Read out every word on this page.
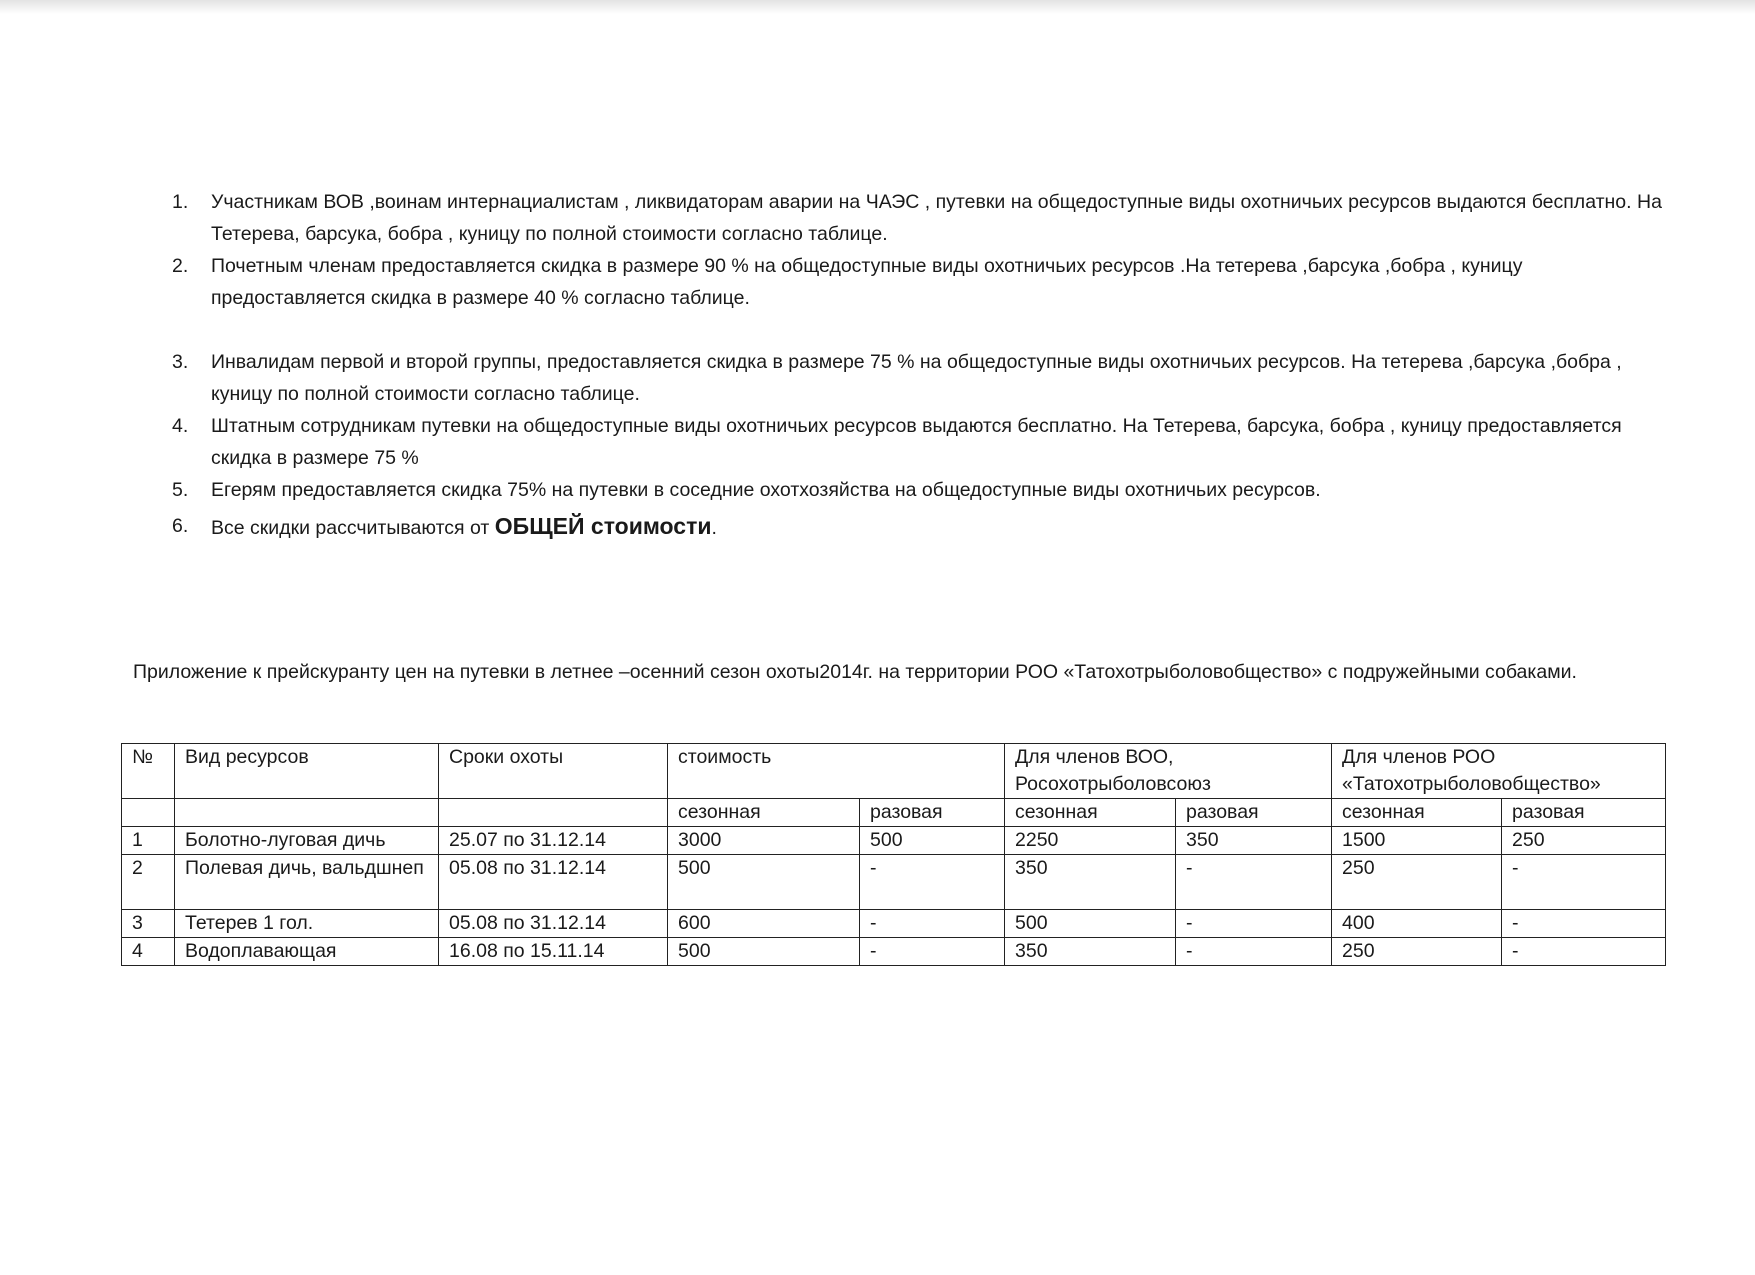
1. Участникам ВОВ ,воинам интернациалистам , ликвидаторам аварии на ЧАЭС , путевки на общедоступные виды охотничьих ресурсов выдаются бесплатно. На Тетерева, барсука, бобра , куницу по полной стоимости согласно таблице.
2. Почетным членам предоставляется скидка в размере 90 % на общедоступные виды охотничьих ресурсов .На тетерева ,барсука ,бобра , куницу предоставляется скидка в размере 40 % согласно таблице.
3. Инвалидам первой и второй группы, предоставляется скидка в размере 75 % на общедоступные виды охотничьих ресурсов. На тетерева ,барсука ,бобра , куницу по полной стоимости согласно таблице.
4. Штатным сотрудникам путевки на общедоступные виды охотничьих ресурсов выдаются бесплатно. На Тетерева, барсука, бобра , куницу предоставляется скидка в размере 75 %
5. Егерям предоставляется скидка 75% на путевки в соседние охотхозяйства на общедоступные виды охотничьих ресурсов.
6. Все скидки рассчитываются от ОБЩЕЙ стоимости.

Приложение к прейскуранту цен на путевки в летнее –осенний сезон охоты2014г. на территории РОО «Татохотрыболовобщество» с подружейными собаками.

№	Вид ресурсов	Сроки охоты	стоимость		Для членов ВОО, Росохотрыболовсоюз		Для членов РОО «Татохотрыболовобщество»	
			сезонная	разовая	сезонная	разовая	сезонная	разовая
1	Болотно-луговая дичь	25.07 по 31.12.14	3000	500	2250	350	1500	250
2	Полевая дичь, вальдшнеп	05.08 по 31.12.14	500	-	350	-	250	-
3	Тетерев 1 гол.	05.08 по 31.12.14	600	-	500	-	400	-
4	Водоплавающая	16.08 по 15.11.14	500	-	350	-	250	-
